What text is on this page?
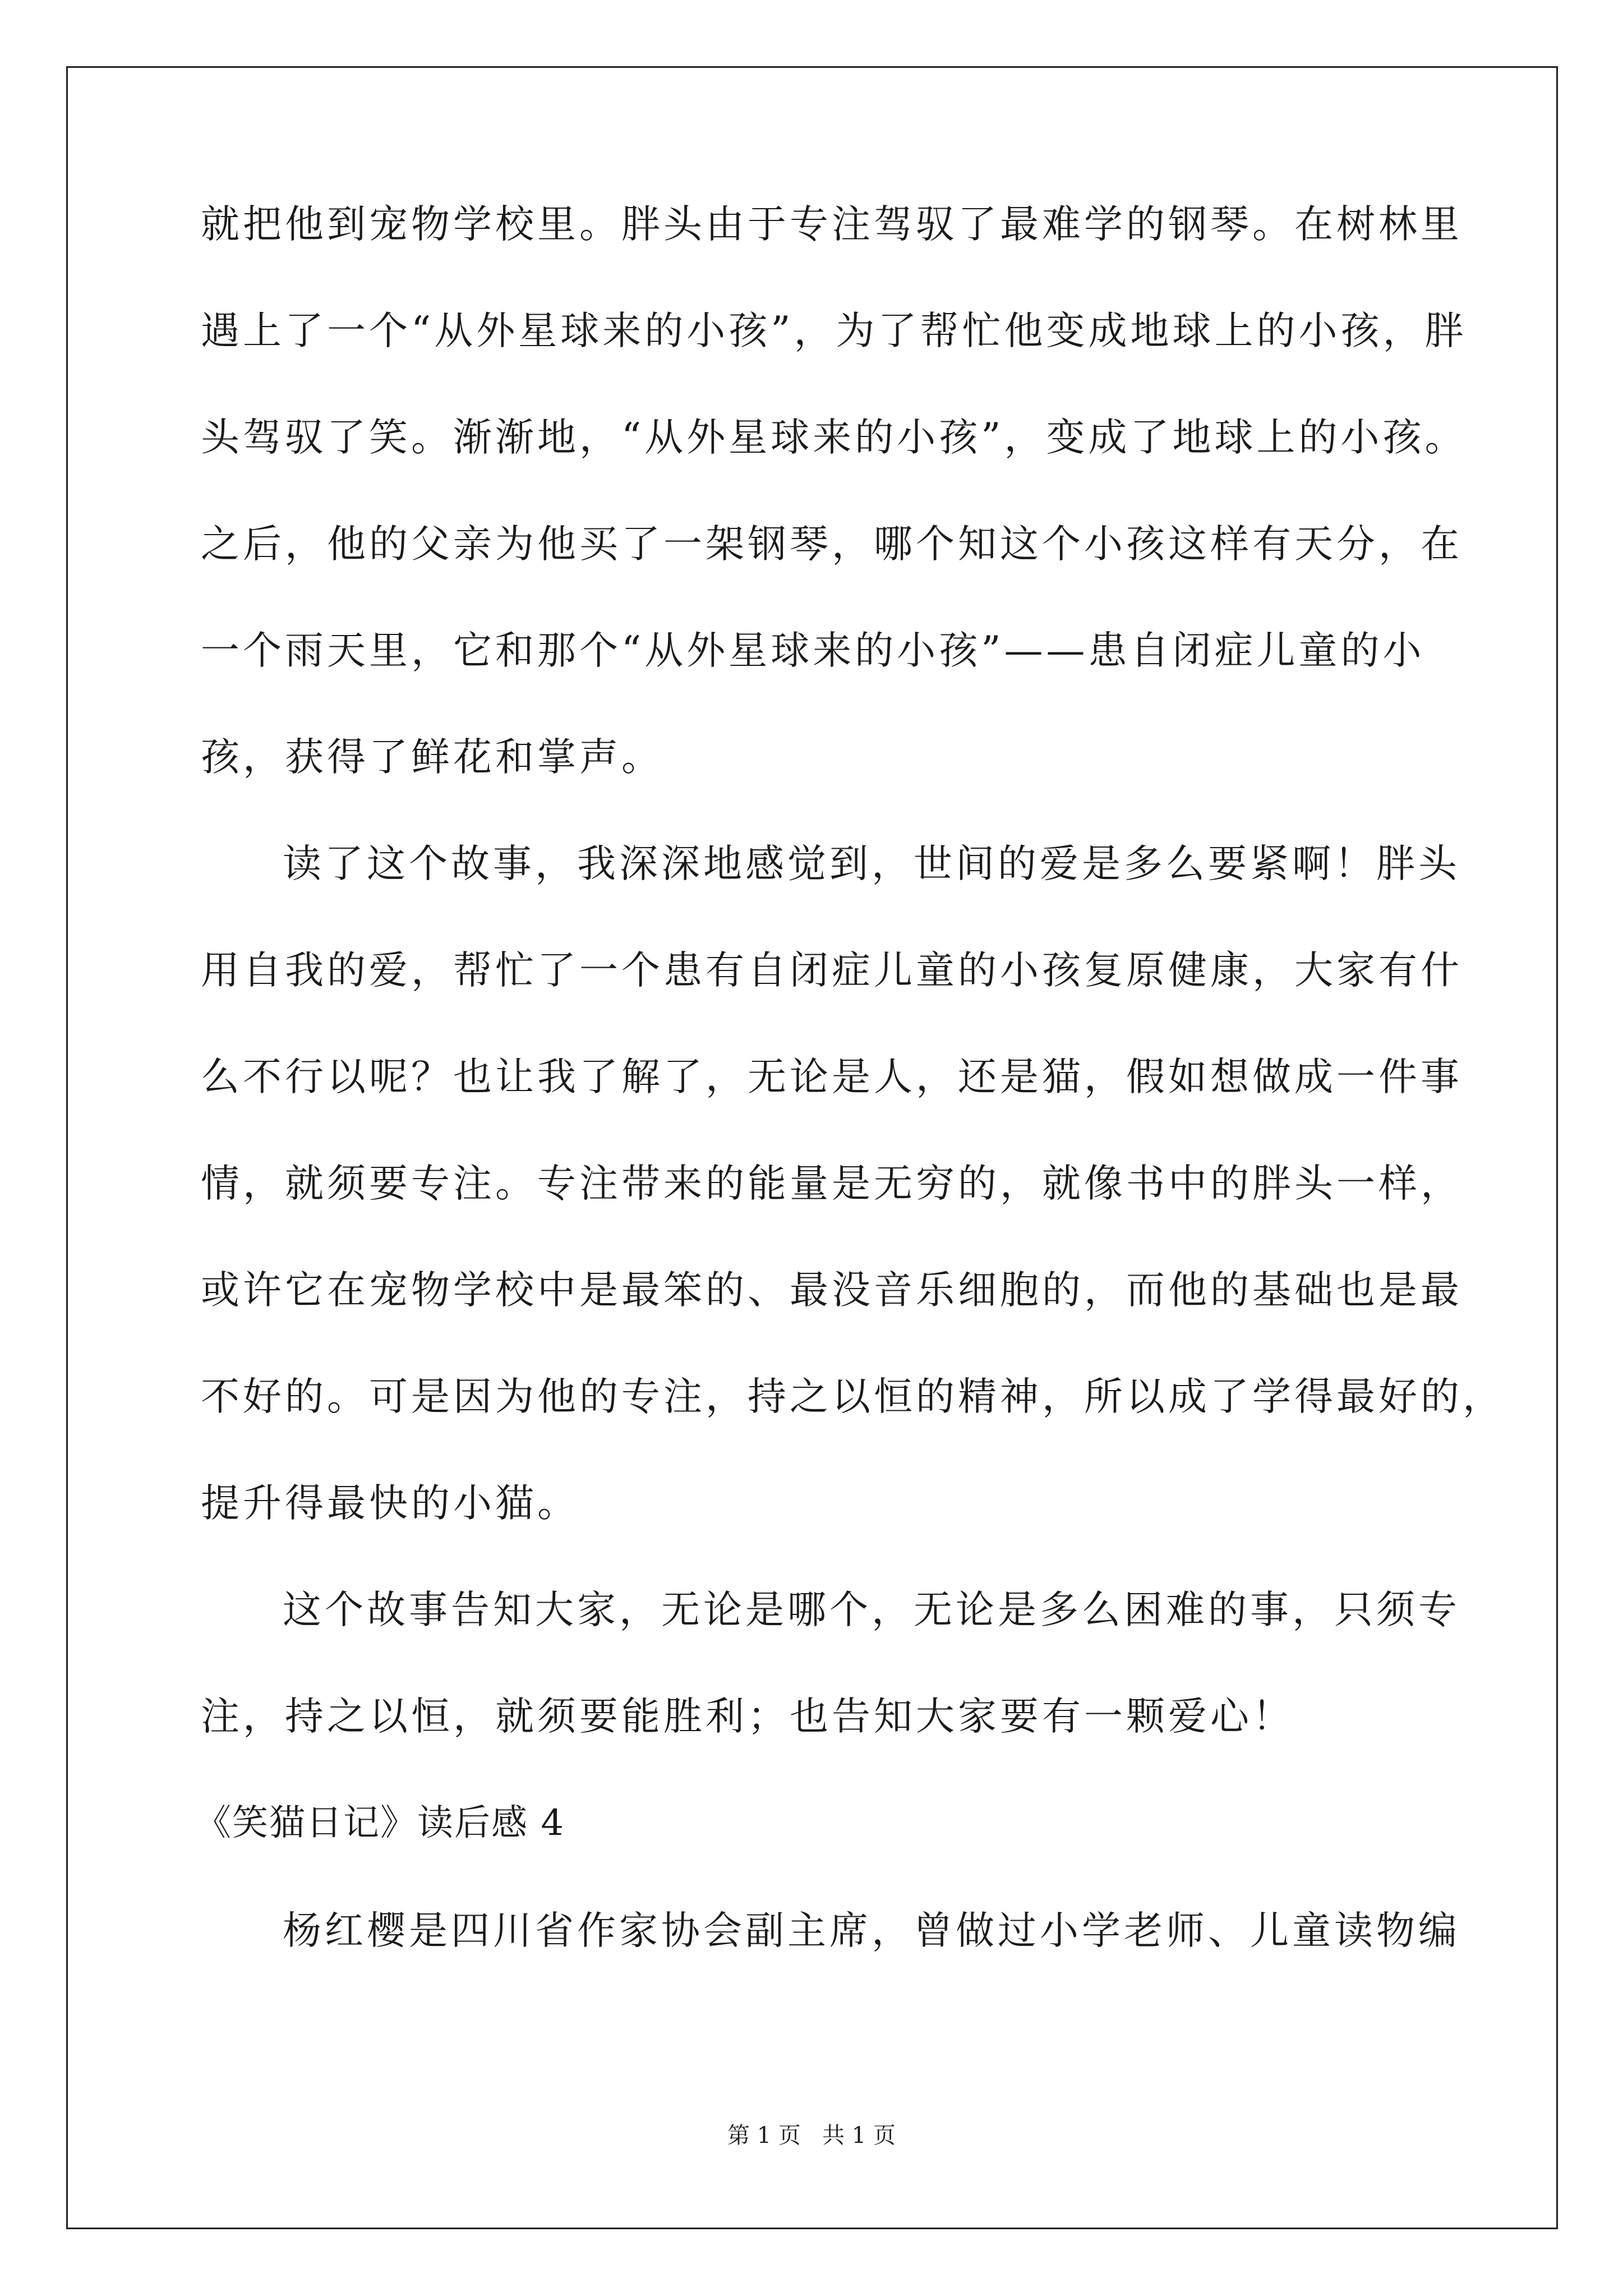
就把他到宠物学校里。胖头由于专注驾驭了最难学的钢琴。在树林里
遇上了一个“从外星球来的小孩”，为了帮忙他变成地球上的小孩，胖
头驾驭了笑。渐渐地，“从外星球来的小孩”，变成了地球上的小孩。
之后，他的父亲为他买了一架钢琴，哪个知这个小孩这样有天分，在
一个雨天里，它和那个“从外星球来的小孩”——患自闭症儿童的小
孩，获得了鲜花和掌声。
读了这个故事，我深深地感觉到，世间的爱是多么要紧啊！胖头
用自我的爱，帮忙了一个患有自闭症儿童的小孩复原健康，大家有什
么不行以呢？也让我了解了，无论是人，还是猫，假如想做成一件事
情，就须要专注。专注带来的能量是无穷的，就像书中的胖头一样，
或许它在宠物学校中是最笨的、最没音乐细胞的，而他的基础也是最
不好的。可是因为他的专注，持之以恒的精神，所以成了学得最好的，
提升得最快的小猫。
这个故事告知大家，无论是哪个，无论是多么困难的事，只须专
注，持之以恒，就须要能胜利；也告知大家要有一颗爱心！
《笑猫日记》读后感 4
杨红樱是四川省作家协会副主席，曾做过小学老师、儿童读物编
第 1 页   共 1 页
